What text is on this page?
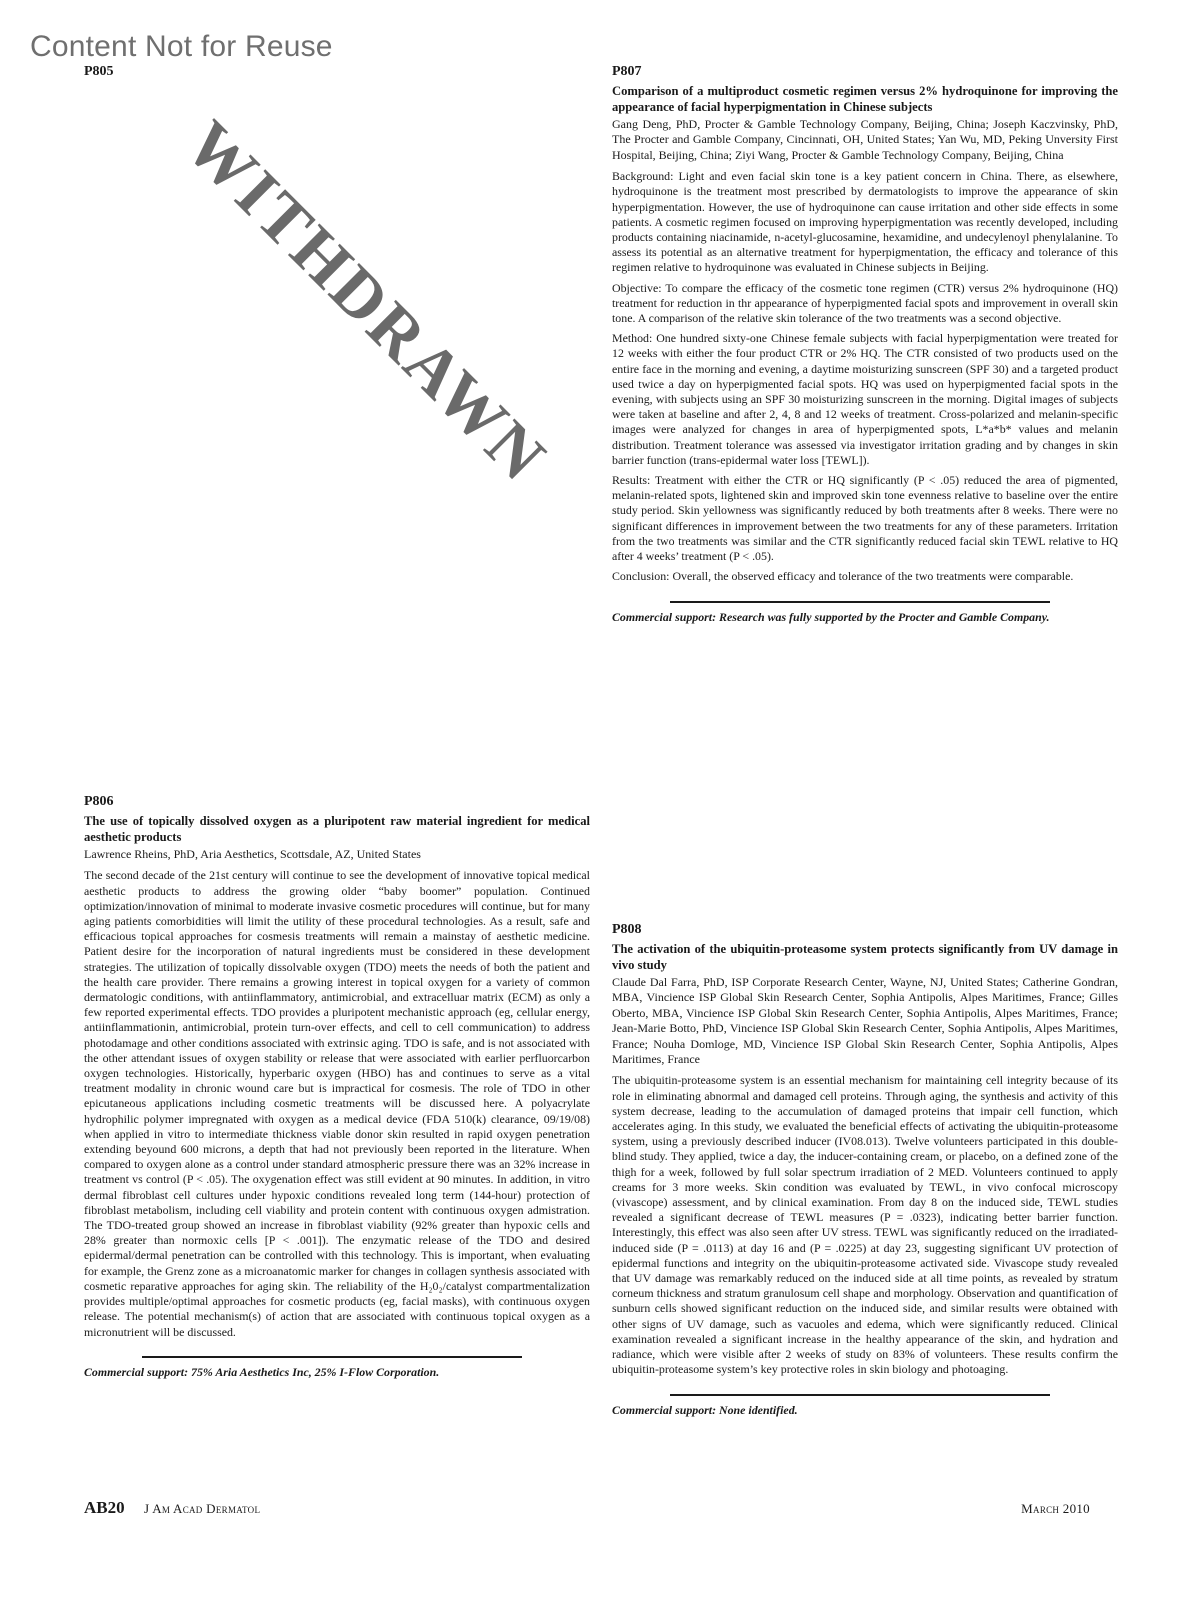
Content Not for Reuse
P805
WITHDRAWN
P806
The use of topically dissolved oxygen as a pluripotent raw material ingredient for medical aesthetic products
Lawrence Rheins, PhD, Aria Aesthetics, Scottsdale, AZ, United States
The second decade of the 21st century will continue to see the development of innovative topical medical aesthetic products to address the growing older “baby boomer” population. Continued optimization/innovation of minimal to moderate invasive cosmetic procedures will continue, but for many aging patients comorbidities will limit the utility of these procedural technologies. As a result, safe and efficacious topical approaches for cosmesis treatments will remain a mainstay of aesthetic medicine. Patient desire for the incorporation of natural ingredients must be considered in these development strategies. The utilization of topically dissolvable oxygen (TDO) meets the needs of both the patient and the health care provider. There remains a growing interest in topical oxygen for a variety of common dermatologic conditions, with antiinflammatory, antimicrobial, and extracelluar matrix (ECM) as only a few reported experimental effects. TDO provides a pluripotent mechanistic approach (eg, cellular energy, antiinflammationin, antimicrobial, protein turn-over effects, and cell to cell communication) to address photodamage and other conditions associated with extrinsic aging. TDO is safe, and is not associated with the other attendant issues of oxygen stability or release that were associated with earlier perfluorcarbon oxygen technologies. Historically, hyperbaric oxygen (HBO) has and continues to serve as a vital treatment modality in chronic wound care but is impractical for cosmesis. The role of TDO in other epicutaneous applications including cosmetic treatments will be discussed here. A polyacrylate hydrophilic polymer impregnated with oxygen as a medical device (FDA 510(k) clearance, 09/19/08) when applied in vitro to intermediate thickness viable donor skin resulted in rapid oxygen penetration extending beyound 600 microns, a depth that had not previously been reported in the literature. When compared to oxygen alone as a control under standard atmospheric pressure there was an 32% increase in treatment vs control (P < .05). The oxygenation effect was still evident at 90 minutes. In addition, in vitro dermal fibroblast cell cultures under hypoxic conditions revealed long term (144-hour) protection of fibroblast metabolism, including cell viability and protein content with continuous oxygen admistration. The TDO-treated group showed an increase in fibroblast viability (92% greater than hypoxic cells and 28% greater than normoxic cells [P < .001]). The enzymatic release of the TDO and desired epidermal/dermal penetration can be controlled with this technology. This is important, when evaluating for example, the Grenz zone as a microanatomic marker for changes in collagen synthesis associated with cosmetic reparative approaches for aging skin. The reliability of the H₂0₂/catalyst compartmentalization provides multiple/optimal approaches for cosmetic products (eg, facial masks), with continuous oxygen release. The potential mechanism(s) of action that are associated with continuous topical oxygen as a micronutrient will be discussed.
Commercial support: 75% Aria Aesthetics Inc, 25% I-Flow Corporation.
P807
Comparison of a multiproduct cosmetic regimen versus 2% hydroquinone for improving the appearance of facial hyperpigmentation in Chinese subjects
Gang Deng, PhD, Procter & Gamble Technology Company, Beijing, China; Joseph Kaczvinsky, PhD, The Procter and Gamble Company, Cincinnati, OH, United States; Yan Wu, MD, Peking Unversity First Hospital, Beijing, China; Ziyi Wang, Procter & Gamble Technology Company, Beijing, China
Background: Light and even facial skin tone is a key patient concern in China. There, as elsewhere, hydroquinone is the treatment most prescribed by dermatologists to improve the appearance of skin hyperpigmentation. However, the use of hydroquinone can cause irritation and other side effects in some patients. A cosmetic regimen focused on improving hyperpigmentation was recently developed, including products containing niacinamide, n-acetyl-glucosamine, hexamidine, and undecylenoyl phenylalanine. To assess its potential as an alternative treatment for hyperpigmentation, the efficacy and tolerance of this regimen relative to hydroquinone was evaluated in Chinese subjects in Beijing.
Objective: To compare the efficacy of the cosmetic tone regimen (CTR) versus 2% hydroquinone (HQ) treatment for reduction in thr appearance of hyperpigmented facial spots and improvement in overall skin tone. A comparison of the relative skin tolerance of the two treatments was a second objective.
Method: One hundred sixty-one Chinese female subjects with facial hyperpigmentation were treated for 12 weeks with either the four product CTR or 2% HQ. The CTR consisted of two products used on the entire face in the morning and evening, a daytime moisturizing sunscreen (SPF 30) and a targeted product used twice a day on hyperpigmented facial spots. HQ was used on hyperpigmented facial spots in the evening, with subjects using an SPF 30 moisturizing sunscreen in the morning. Digital images of subjects were taken at baseline and after 2, 4, 8 and 12 weeks of treatment. Cross-polarized and melanin-specific images were analyzed for changes in area of hyperpigmented spots, L*a*b* values and melanin distribution. Treatment tolerance was assessed via investigator irritation grading and by changes in skin barrier function (trans-epidermal water loss [TEWL]).
Results: Treatment with either the CTR or HQ significantly (P < .05) reduced the area of pigmented, melanin-related spots, lightened skin and improved skin tone evenness relative to baseline over the entire study period. Skin yellowness was significantly reduced by both treatments after 8 weeks. There were no significant differences in improvement between the two treatments for any of these parameters. Irritation from the two treatments was similar and the CTR significantly reduced facial skin TEWL relative to HQ after 4 weeks’ treatment (P < .05).
Conclusion: Overall, the observed efficacy and tolerance of the two treatments were comparable.
Commercial support: Research was fully supported by the Procter and Gamble Company.
P808
The activation of the ubiquitin-proteasome system protects significantly from UV damage in vivo study
Claude Dal Farra, PhD, ISP Corporate Research Center, Wayne, NJ, United States; Catherine Gondran, MBA, Vincience ISP Global Skin Research Center, Sophia Antipolis, Alpes Maritimes, France; Gilles Oberto, MBA, Vincience ISP Global Skin Research Center, Sophia Antipolis, Alpes Maritimes, France; Jean-Marie Botto, PhD, Vincience ISP Global Skin Research Center, Sophia Antipolis, Alpes Maritimes, France; Nouha Domloge, MD, Vincience ISP Global Skin Research Center, Sophia Antipolis, Alpes Maritimes, France
The ubiquitin-proteasome system is an essential mechanism for maintaining cell integrity because of its role in eliminating abnormal and damaged cell proteins. Through aging, the synthesis and activity of this system decrease, leading to the accumulation of damaged proteins that impair cell function, which accelerates aging. In this study, we evaluated the beneficial effects of activating the ubiquitin-proteasome system, using a previously described inducer (IV08.013). Twelve volunteers participated in this double-blind study. They applied, twice a day, the inducer-containing cream, or placebo, on a defined zone of the thigh for a week, followed by full solar spectrum irradiation of 2 MED. Volunteers continued to apply creams for 3 more weeks. Skin condition was evaluated by TEWL, in vivo confocal microscopy (vivascope) assessment, and by clinical examination. From day 8 on the induced side, TEWL studies revealed a significant decrease of TEWL measures (P = .0323), indicating better barrier function. Interestingly, this effect was also seen after UV stress. TEWL was significantly reduced on the irradiated-induced side (P = .0113) at day 16 and (P = .0225) at day 23, suggesting significant UV protection of epidermal functions and integrity on the ubiquitin-proteasome activated side. Vivascope study revealed that UV damage was remarkably reduced on the induced side at all time points, as revealed by stratum corneum thickness and stratum granulosum cell shape and morphology. Observation and quantification of sunburn cells showed significant reduction on the induced side, and similar results were obtained with other signs of UV damage, such as vacuoles and edema, which were significantly reduced. Clinical examination revealed a significant increase in the healthy appearance of the skin, and hydration and radiance, which were visible after 2 weeks of study on 83% of volunteers. These results confirm the ubiquitin-proteasome system’s key protective roles in skin biology and photoaging.
Commercial support: None identified.
AB20 J Am Acad Dermatol	March 2010
